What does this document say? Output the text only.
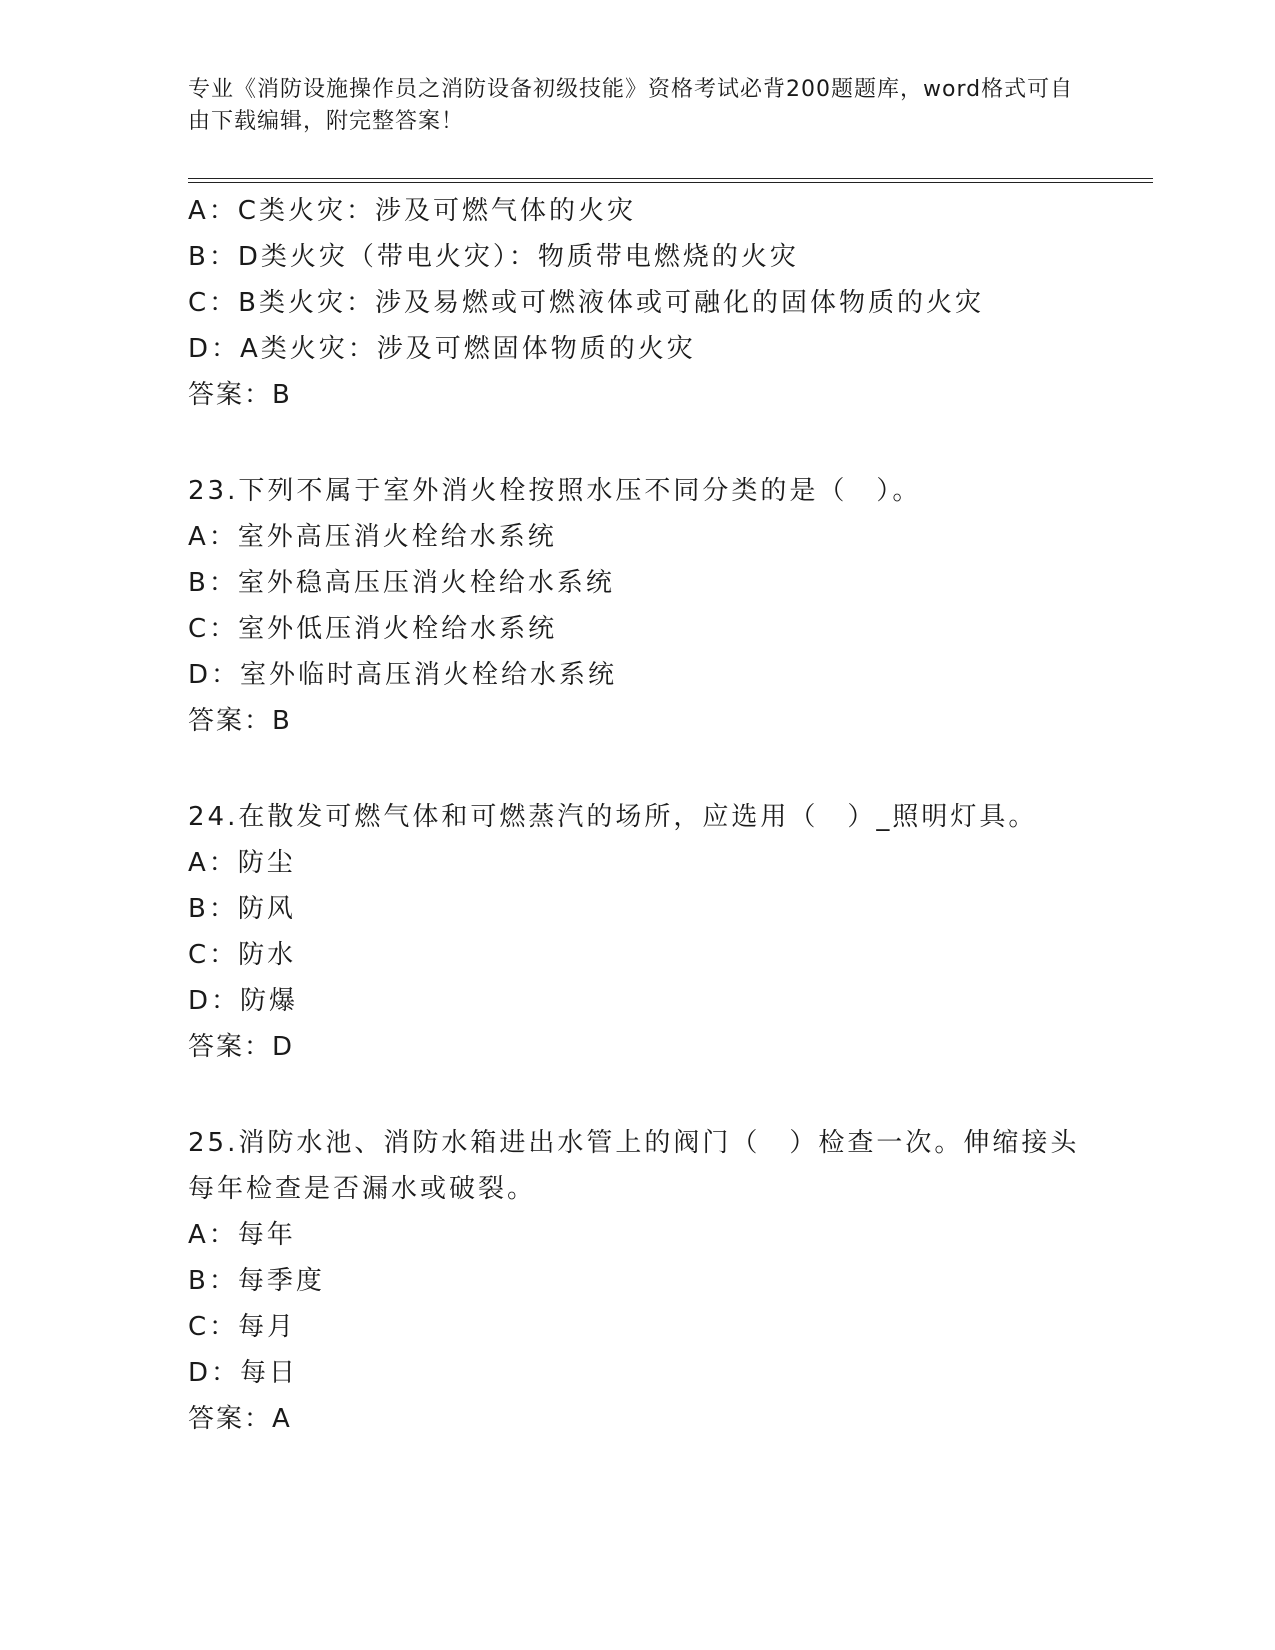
专业《消防设施操作员之消防设备初级技能》资格考试必背200题题库，word格式可自由下载编辑，附完整答案！
A：C类火灾：涉及可燃气体的火灾
B：D类火灾（带电火灾）：物质带电燃烧的火灾
C：B类火灾：涉及易燃或可燃液体或可融化的固体物质的火灾
D：A类火灾：涉及可燃固体物质的火灾
答案：B
23.下列不属于室外消火栓按照水压不同分类的是（　）。
A：室外高压消火栓给水系统
B：室外稳高压压消火栓给水系统
C：室外低压消火栓给水系统
D：室外临时高压消火栓给水系统
答案：B
24.在散发可燃气体和可燃蒸汽的场所，应选用（　）_照明灯具。
A：防尘
B：防风
C：防水
D：防爆
答案：D
25.消防水池、消防水箱进出水管上的阀门（　）检查一次。伸缩接头每年检查是否漏水或破裂。
A：每年
B：每季度
C：每月
D：每日
答案：A
